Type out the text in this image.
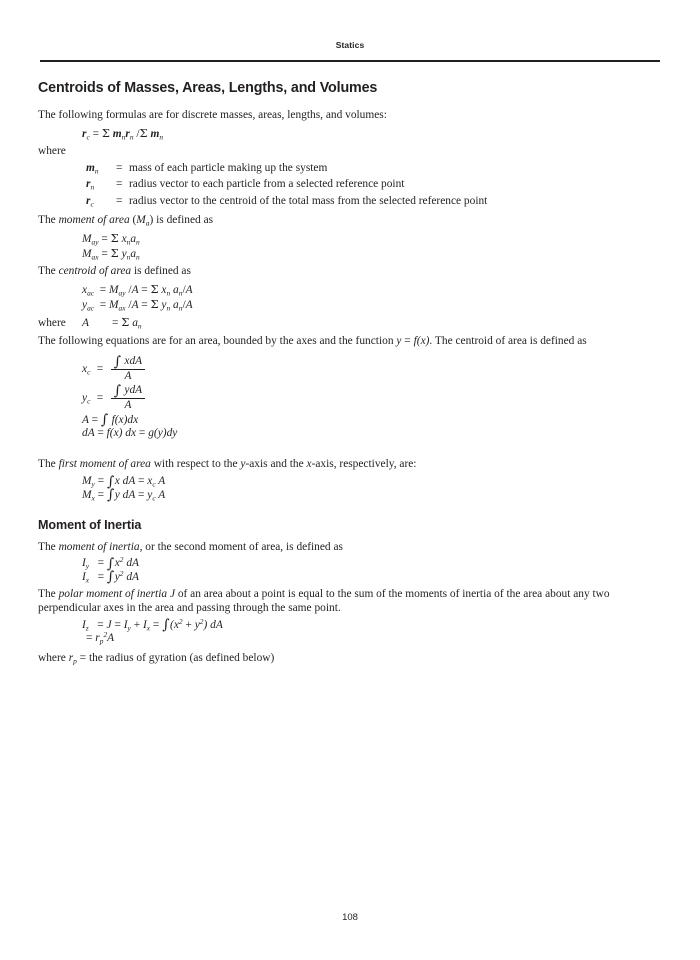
Statics
Centroids of Masses, Areas, Lengths, and Volumes

The following formulas are for discrete masses, areas, lengths, and volumes:

$r_c = \Sigma$ $m_nr_n$ /Σ $m_n$
where
$m_n$	= mass of each particle making up the system
$r_n$	= radius vector to each particle from a selected reference point
$r_c$	= radius vector to the centroid of the total mass from the selected reference point

The moment of area $(M_a)$ is defined as

$M_{ay} = \Sigma$ $x_na_n$
$M_{ax} = \Sigma$ $y_na_n$

The centroid of area is defined as

$x_{ac} = M_{ay}$ /A = Σ $x_n$ $a_n/A$
$y_{ac} = M_{ax}$ /A = Σ $y_n$ $a_n/A$
where	A	= Σ $a_n$

The following equations are for an area, bounded by the axes and the function y = f(x). The centroid of area is defined as

$x_c = \frac{\text{∫ xdA}}{A}$
$y_c = \frac{\text{∫ ydA}}{A}$
A = ∫ f(x)dx
dA = f(x) dx = g(y)dy

The first moment of area with respect to the y-axis and the x-axis, respectively, are:

$M_y = \int x$ dA = $x_c$ A
$M_x = \int y$ dA = $y_c$ A
Moment of Inertia

The moment of inertia, or the second moment of area, is defined as

$I_y = \int x^2$ dA
$I_x = \int y^2$ dA

The polar moment of inertia J of an area about a point is equal to the sum of the moments of inertia of the area about any two perpendicular axes in the area and passing through the same point.

$I_z = J = I_y + I_x = \int(x^2 + y^2)$ dA
= $r_p^2A$

where $r_p$ = the radius of gyration (as defined below)

108
